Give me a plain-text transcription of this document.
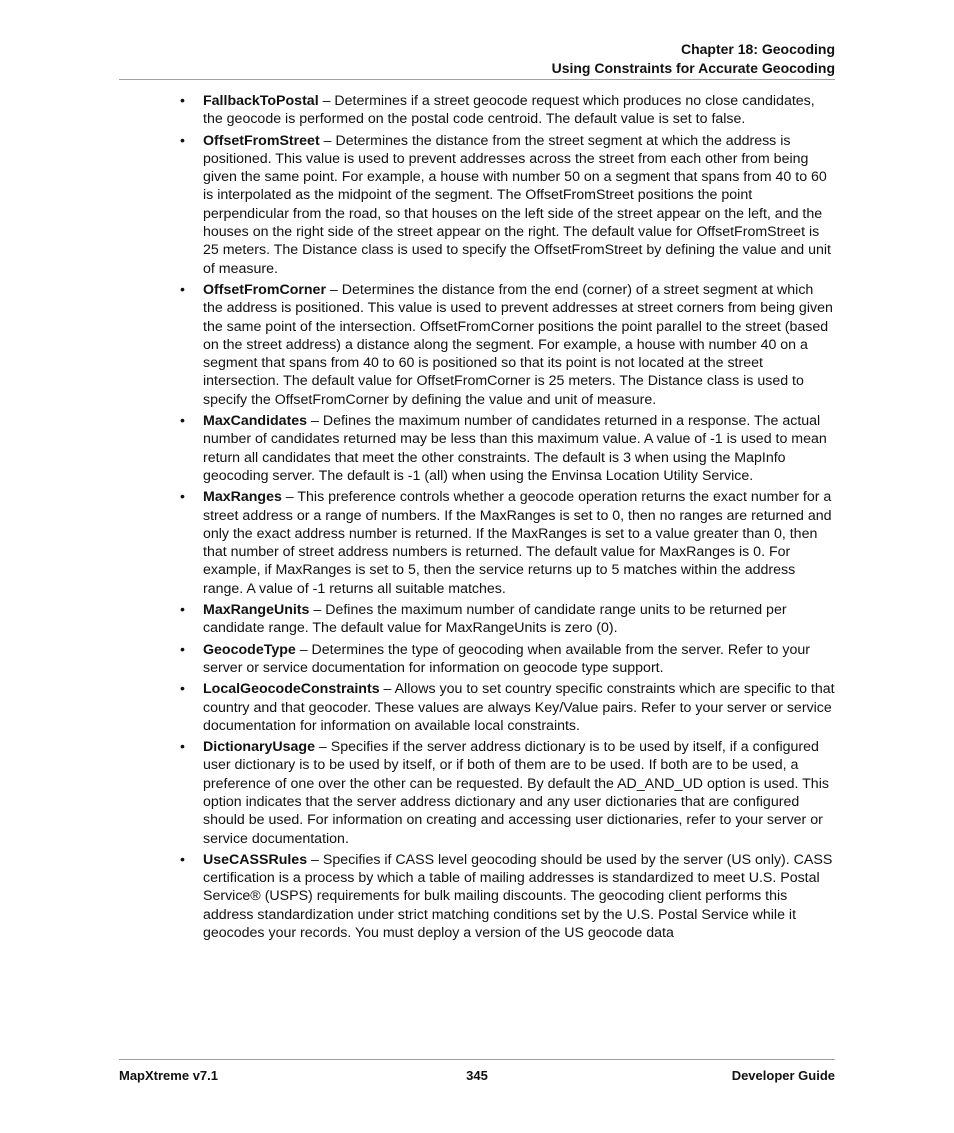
Chapter 18: Geocoding
Using Constraints for Accurate Geocoding
• FallbackToPostal – Determines if a street geocode request which produces no close candidates, the geocode is performed on the postal code centroid. The default value is set to false.
• OffsetFromStreet – Determines the distance from the street segment at which the address is positioned. This value is used to prevent addresses across the street from each other from being given the same point. For example, a house with number 50 on a segment that spans from 40 to 60 is interpolated as the midpoint of the segment. The OffsetFromStreet positions the point perpendicular from the road, so that houses on the left side of the street appear on the left, and the houses on the right side of the street appear on the right. The default value for OffsetFromStreet is 25 meters. The Distance class is used to specify the OffsetFromStreet by defining the value and unit of measure.
• OffsetFromCorner – Determines the distance from the end (corner) of a street segment at which the address is positioned. This value is used to prevent addresses at street corners from being given the same point of the intersection. OffsetFromCorner positions the point parallel to the street (based on the street address) a distance along the segment. For example, a house with number 40 on a segment that spans from 40 to 60 is positioned so that its point is not located at the street intersection. The default value for OffsetFromCorner is 25 meters. The Distance class is used to specify the OffsetFromCorner by defining the value and unit of measure.
• MaxCandidates – Defines the maximum number of candidates returned in a response. The actual number of candidates returned may be less than this maximum value. A value of -1 is used to mean return all candidates that meet the other constraints. The default is 3 when using the MapInfo geocoding server. The default is -1 (all) when using the Envinsa Location Utility Service.
• MaxRanges – This preference controls whether a geocode operation returns the exact number for a street address or a range of numbers. If the MaxRanges is set to 0, then no ranges are returned and only the exact address number is returned. If the MaxRanges is set to a value greater than 0, then that number of street address numbers is returned. The default value for MaxRanges is 0. For example, if MaxRanges is set to 5, then the service returns up to 5 matches within the address range. A value of -1 returns all suitable matches.
• MaxRangeUnits – Defines the maximum number of candidate range units to be returned per candidate range. The default value for MaxRangeUnits is zero (0).
• GeocodeType – Determines the type of geocoding when available from the server. Refer to your server or service documentation for information on geocode type support.
• LocalGeocodeConstraints – Allows you to set country specific constraints which are specific to that country and that geocoder. These values are always Key/Value pairs. Refer to your server or service documentation for information on available local constraints.
• DictionaryUsage – Specifies if the server address dictionary is to be used by itself, if a configured user dictionary is to be used by itself, or if both of them are to be used. If both are to be used, a preference of one over the other can be requested. By default the AD_AND_UD option is used. This option indicates that the server address dictionary and any user dictionaries that are configured should be used. For information on creating and accessing user dictionaries, refer to your server or service documentation.
• UseCASSRules – Specifies if CASS level geocoding should be used by the server (US only). CASS certification is a process by which a table of mailing addresses is standardized to meet U.S. Postal Service® (USPS) requirements for bulk mailing discounts. The geocoding client performs this address standardization under strict matching conditions set by the U.S. Postal Service while it geocodes your records. You must deploy a version of the US geocode data
MapXtreme v7.1	345	Developer Guide
